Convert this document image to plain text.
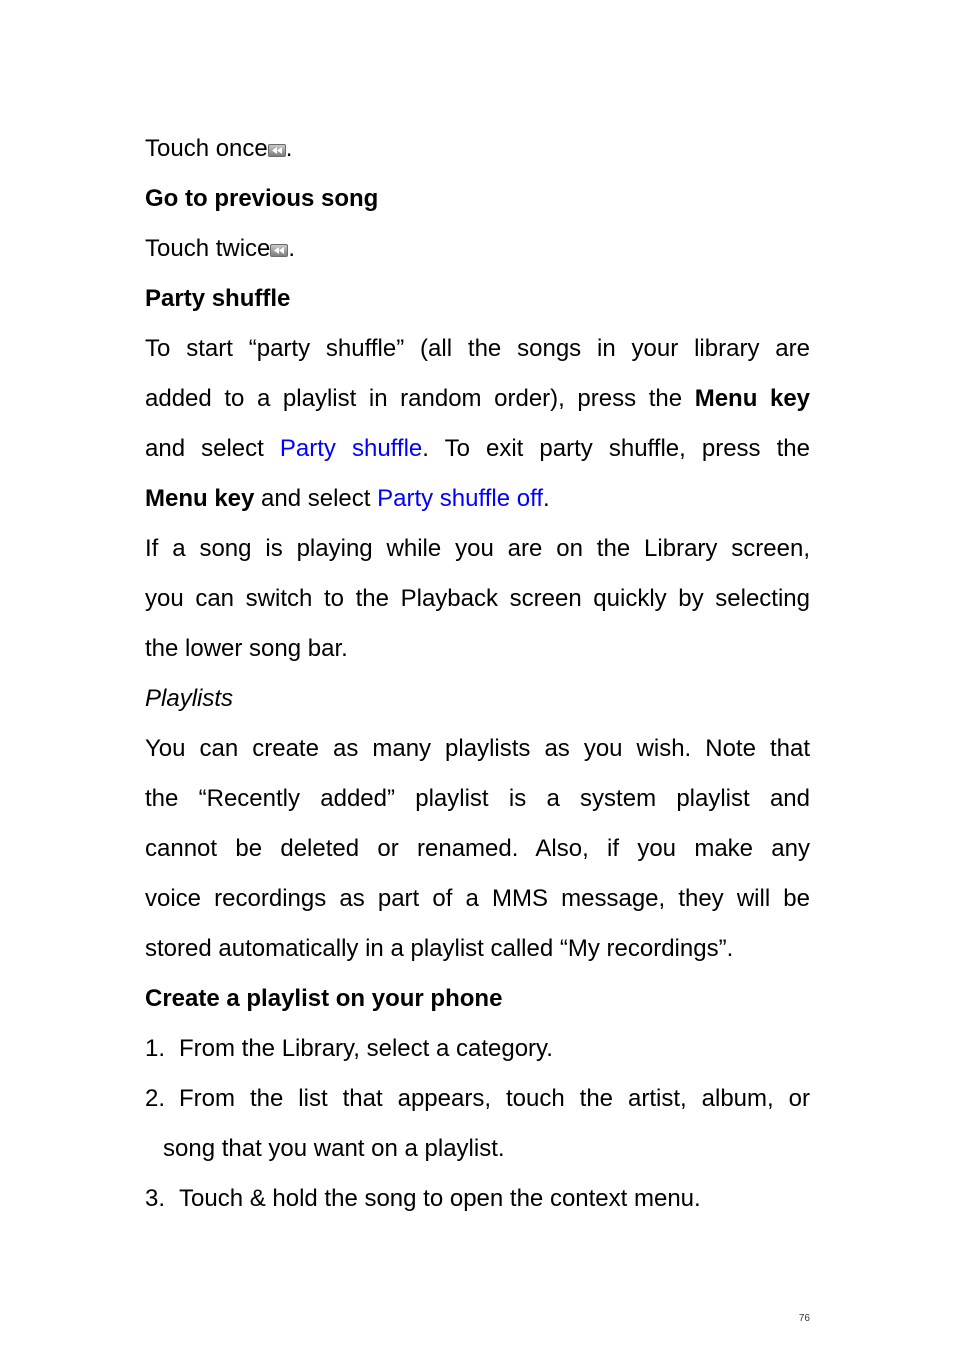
Touch once .
Go to previous song
Touch twice .
Party shuffle
To start “party shuffle” (all the songs in your library are
added to a playlist in random order), press the Menu key
and select Party shuffle. To exit party shuffle, press the
Menu key and select Party shuffle off.
If a song is playing while you are on the Library screen,
you can switch to the Playback screen quickly by selecting
the lower song bar.
Playlists
You can create as many playlists as you wish. Note that
the “Recently added” playlist is a system playlist and
cannot be deleted or renamed. Also, if you make any
voice recordings as part of a MMS message, they will be
stored automatically in a playlist called “My recordings”.
Create a playlist on your phone
1. From the Library, select a category.
2. From the list that appears, touch the artist, album, or
song that you want on a playlist.
3. Touch & hold the song to open the context menu.
76
